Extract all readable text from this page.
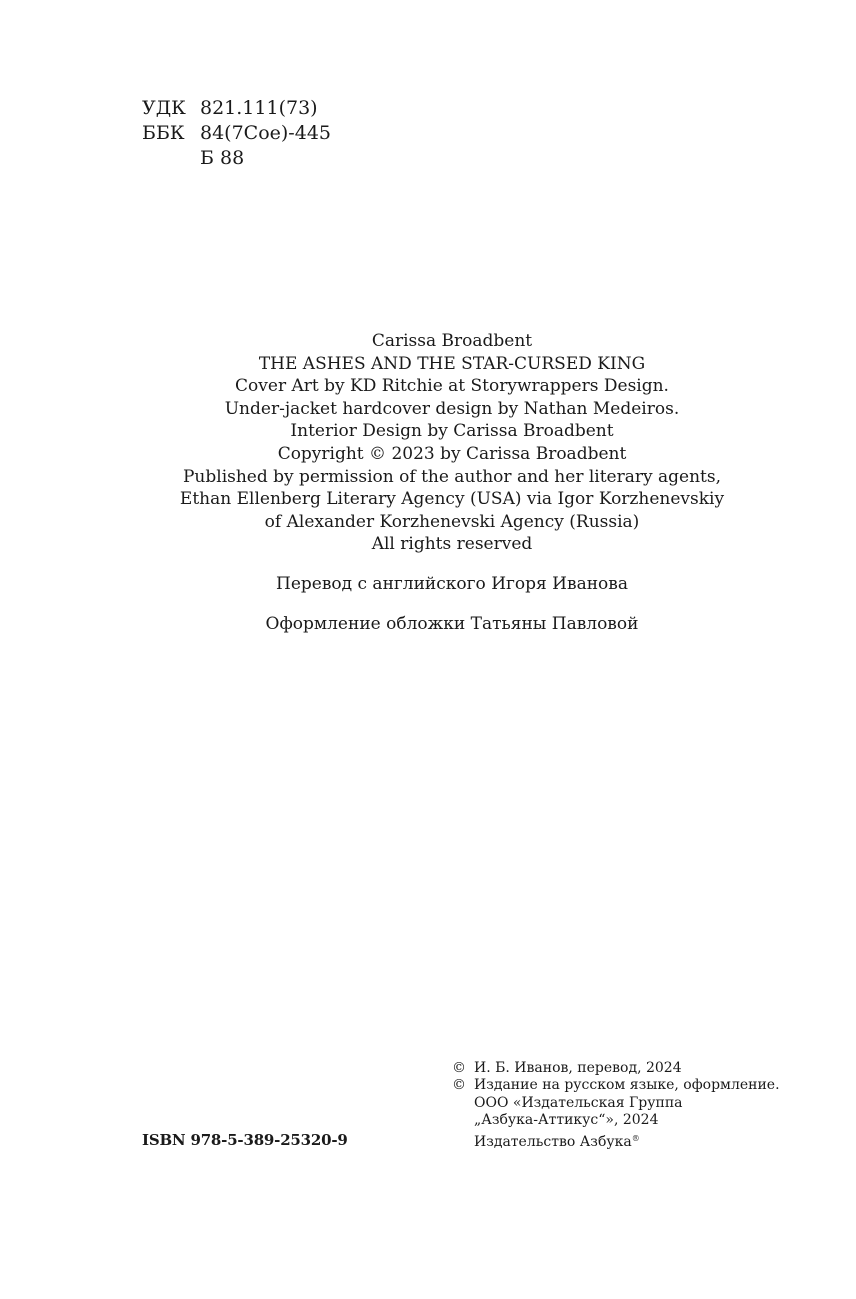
УДК 821.111(73)
ББК 84(7Сое)-445
Б 88
Carissa Broadbent
THE ASHES AND THE STAR-CURSED KING
Cover Art by KD Ritchie at Storywrappers Design.
Under-jacket hardcover design by Nathan Medeiros.
Interior Design by Carissa Broadbent
Copyright © 2023 by Carissa Broadbent
Published by permission of the author and her literary agents,
Ethan Ellenberg Literary Agency (USA) via Igor Korzhenevskiy
of Alexander Korzhenevski Agency (Russia)
All rights reserved
Перевод с английского Игоря Иванова
Оформление обложки Татьяны Павловой
ISBN 978-5-389-25320-9
© И. Б. Иванов, перевод, 2024
© Издание на русском языке, оформление.
ООО «Издательская Группа
„Азбука-Аттикус“», 2024
Издательство Азбука®
